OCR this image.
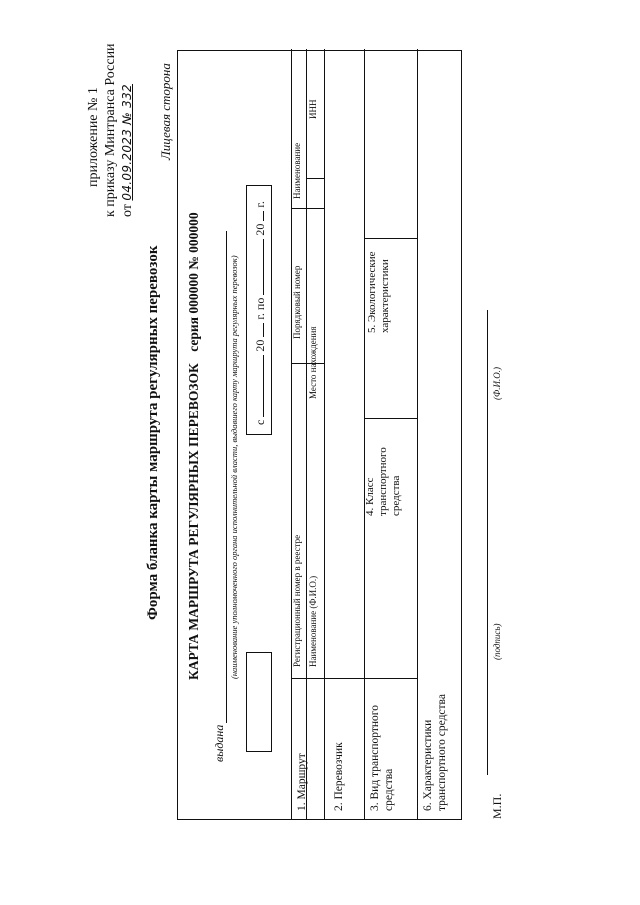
приложение № 1 к приказу Минтранса России от 04.09.2023 № 332 Лицевая сторона
Форма бланка карты маршрута регулярных перевозок КАРТА МАРШРУТА РЕГУЛЯРНЫХ ПЕРЕВОЗОК серия 000000 № 000000
выдана
(наименование уполномоченного органа исполнительной власти, выдавшего карту маршрута регулярных перевозок) с  20  г. по  20  г.
1. Маршрут
Регистрационный номер в реестре
Порядковый номер
Наименование
2. Перевозчик
Наименование (Ф.И.О.)
Место нахождения
ИНН
3. Вид транспортного средства
4. Класс транспортного средства
5. Экологические характеристики
6. Характеристики транспортного средства	М.П.
(подпись)
(Ф.И.О.)
